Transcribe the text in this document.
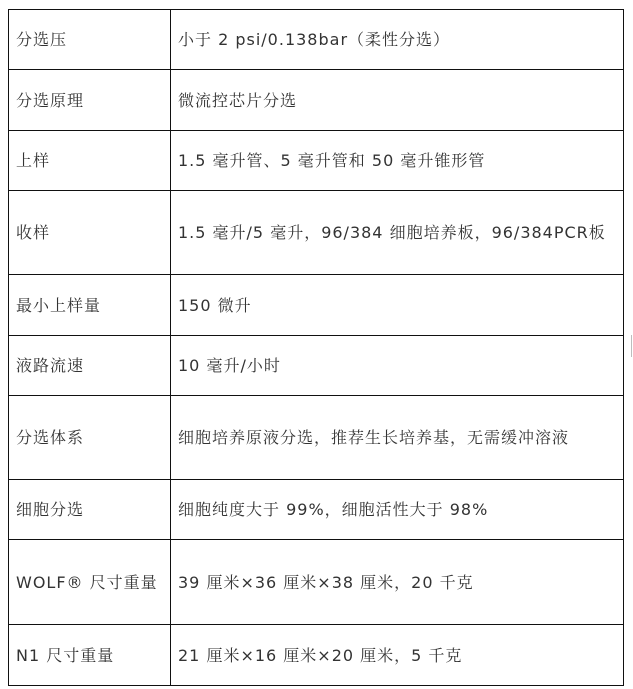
分选压	小于 2 psi/0.138bar（柔性分选）
分选原理	微流控芯片分选
上样	1.5 毫升管、5 毫升管和 50 毫升锥形管
收样	1.5 毫升/5 毫升，96/384 细胞培养板，96/384PCR板
最小上样量	150 微升
液路流速	10 毫升/小时
分选体系	细胞培养原液分选，推荐生长培养基，无需缓冲溶液
细胞分选	细胞纯度大于 99%，细胞活性大于 98%
WOLF® 尺寸重量	39 厘米×36 厘米×38 厘米，20 千克
N1 尺寸重量	21 厘米×16 厘米×20 厘米，5 千克
